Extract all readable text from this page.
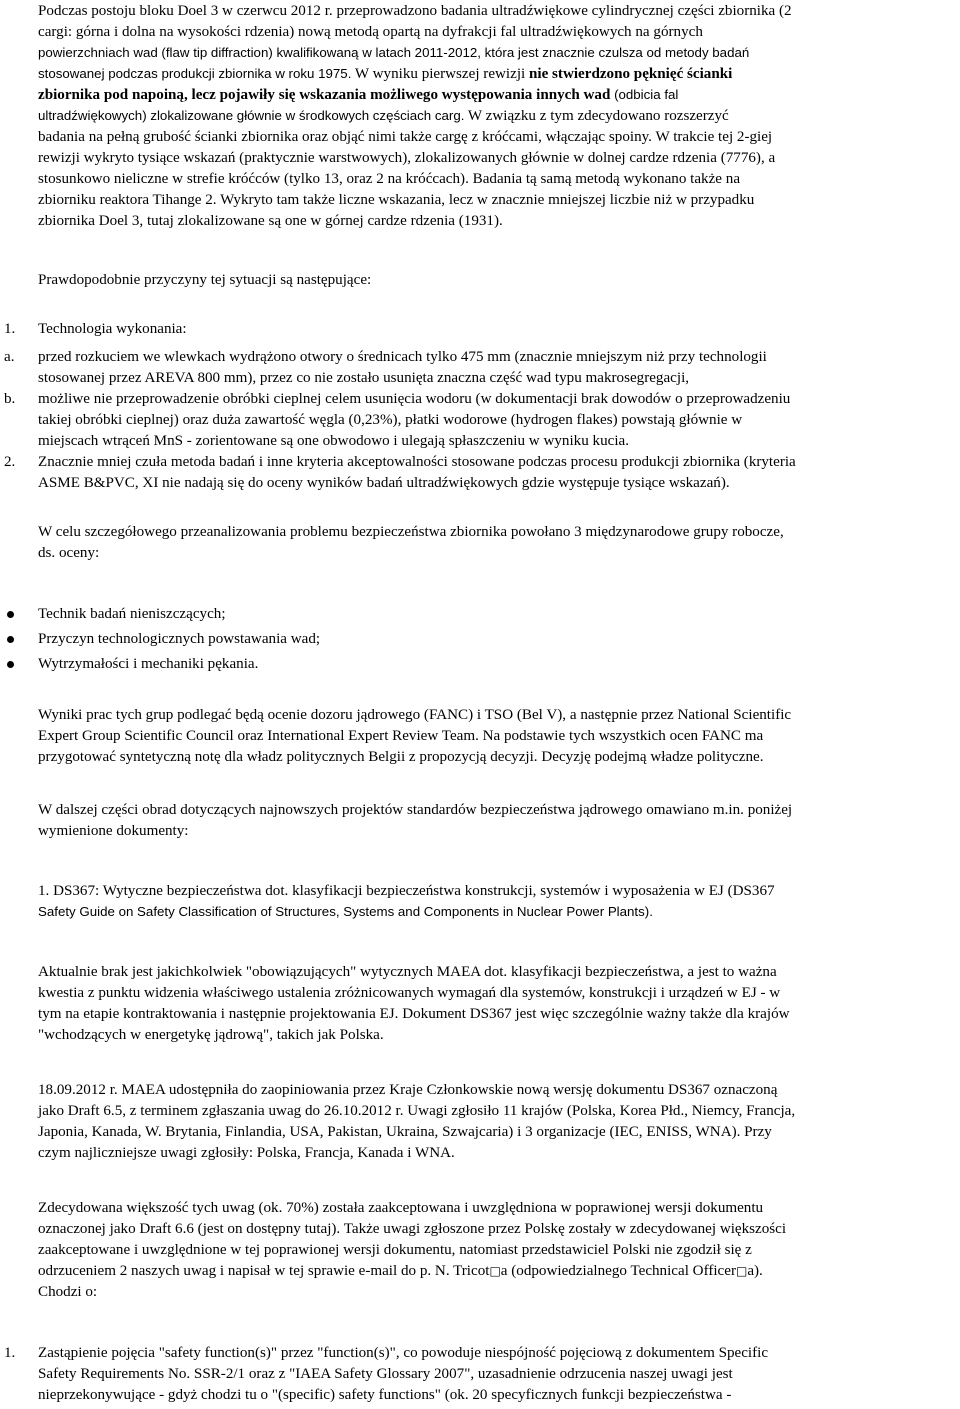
Podczas postoju bloku Doel 3 w czerwcu 2012 r. przeprowadzono badania ultradźwiękowe cylindrycznej części zbiornika (2
cargi: górna i dolna na wysokości rdzenia) nową metodą opartą na dyfrakcji fal ultradźwiękowych na górnych
powierzchniach wad (flaw tip diffraction) kwalifikowaną w latach 2011-2012, która jest znacznie czulsza od metody badań
stosowanej podczas produkcji zbiornika w roku 1975. W wyniku pierwszej rewizji nie stwierdzono pęknięć ścianki
zbiornika pod napoiną, lecz pojawiły się wskazania możliwego występowania innych wad (odbicia fal
ultradźwiękowych) zlokalizowane głównie w środkowych częściach carg. W związku z tym zdecydowano rozszerzyć
badania na pełną grubość ścianki zbiornika oraz objąć nimi także cargę z króćcami, włączając spoiny. W trakcie tej 2-giej
rewizji wykryto tysiące wskazań (praktycznie warstwowych), zlokalizowanych głównie w dolnej cardze rdzenia (7776), a
stosunkowo nieliczne w strefie króćców (tylko 13, oraz 2 na króćcach). Badania tą samą metodą wykonano także na
zbiorniku reaktora Tihange 2. Wykryto tam także liczne wskazania, lecz w znacznie mniejszej liczbie niż w przypadku
zbiornika Doel 3, tutaj zlokalizowane są one w górnej cardze rdzenia (1931).
Prawdopodobnie przyczyny tej sytuacji są następujące:
1. Technologia wykonania:
a. przed rozkuciem we wlewkach wydrążono otwory o średnicach tylko 475 mm (znacznie mniejszym niż przy technologii
stosowanej przez AREVA 800 mm), przez co nie zostało usunięta znaczna część wad typu makrosegregacji,
b. możliwe nie przeprowadzenie obróbki cieplnej celem usunięcia wodoru (w dokumentacji brak dowodów o przeprowadzeniu
takiej obróbki cieplnej) oraz duża zawartość węgla (0,23%), płatki wodorowe (hydrogen flakes) powstają głównie w
miejscach wtrąceń MnS - zorientowane są one obwodowo i ulegają spłaszczeniu w wyniku kucia.
2. Znacznie mniej czuła metoda badań i inne kryteria akceptowalności stosowane podczas procesu produkcji zbiornika (kryteria
ASME B&PVC, XI nie nadają się do oceny wyników badań ultradźwiękowych gdzie występuje tysiące wskazań).
W celu szczegółowego przeanalizowania problemu bezpieczeństwa zbiornika powołano 3 międzynarodowe grupy robocze,
ds. oceny:
Technik badań nieniszczących;
Przyczyn technologicznych powstawania wad;
Wytrzymałości i mechaniki pękania.
Wyniki prac tych grup podlegać będą ocenie dozoru jądrowego (FANC) i TSO (Bel V), a następnie przez National Scientific
Expert Group Scientific Council oraz International Expert Review Team. Na podstawie tych wszystkich ocen FANC ma
przygotować syntetyczną notę dla władz politycznych Belgii z propozycją decyzji. Decyzję podejmą władze polityczne.
W dalszej części obrad dotyczących najnowszych projektów standardów bezpieczeństwa jądrowego omawiano m.in. poniżej
wymienione dokumenty:
1. DS367: Wytyczne bezpieczeństwa dot. klasyfikacji bezpieczeństwa konstrukcji, systemów i wyposażenia w EJ (DS367
Safety Guide on Safety Classification of Structures, Systems and Components in Nuclear Power Plants).
Aktualnie brak jest jakichkolwiek "obowiązujących" wytycznych MAEA dot. klasyfikacji bezpieczeństwa, a jest to ważna
kwestia z punktu widzenia właściwego ustalenia zróżnicowanych wymagań dla systemów, konstrukcji i urządzeń w EJ - w
tym na etapie kontraktowania i następnie projektowania EJ. Dokument DS367 jest więc szczególnie ważny także dla krajów
"wchodzących w energetykę jądrową", takich jak Polska.
18.09.2012 r. MAEA udostępniła do zaopiniowania przez Kraje Członkowskie nową wersję dokumentu DS367 oznaczoną
jako Draft 6.5, z terminem zgłaszania uwag do 26.10.2012 r. Uwagi zgłosiło 11 krajów (Polska, Korea Płd., Niemcy, Francja,
Japonia, Kanada, W. Brytania, Finlandia, USA, Pakistan, Ukraina, Szwajcaria) i 3 organizacje (IEC, ENISS, WNA). Przy
czym najliczniejsze uwagi zgłosiły: Polska, Francja, Kanada i WNA.
Zdecydowana większość tych uwag (ok. 70%) została zaakceptowana i uwzględniona w poprawionej wersji dokumentu
oznaczonej jako Draft 6.6 (jest on dostępny tutaj). Także uwagi zgłoszone przez Polskę zostały w zdecydowanej większości
zaakceptowane i uwzględnione w tej poprawionej wersji dokumentu, natomiast przedstawiciel Polski nie zgodził się z
odrzuceniem 2 naszych uwag i napisał w tej sprawie e-mail do p. N. Tricot□a (odpowiedzialnego Technical Officer□a).
Chodzi o:
1. Zastąpienie pojęcia "safety function(s)" przez "function(s)", co powoduje niespójność pojęciową z dokumentem Specific
Safety Requirements No. SSR-2/1 oraz z "IAEA Safety Glossary 2007", uzasadnienie odrzucenia naszej uwagi jest
nieprzekonywujące - gdyż chodzi tu o "(specific) safety functions" (ok. 20 specyficznych funkcji bezpieczeństwa -
